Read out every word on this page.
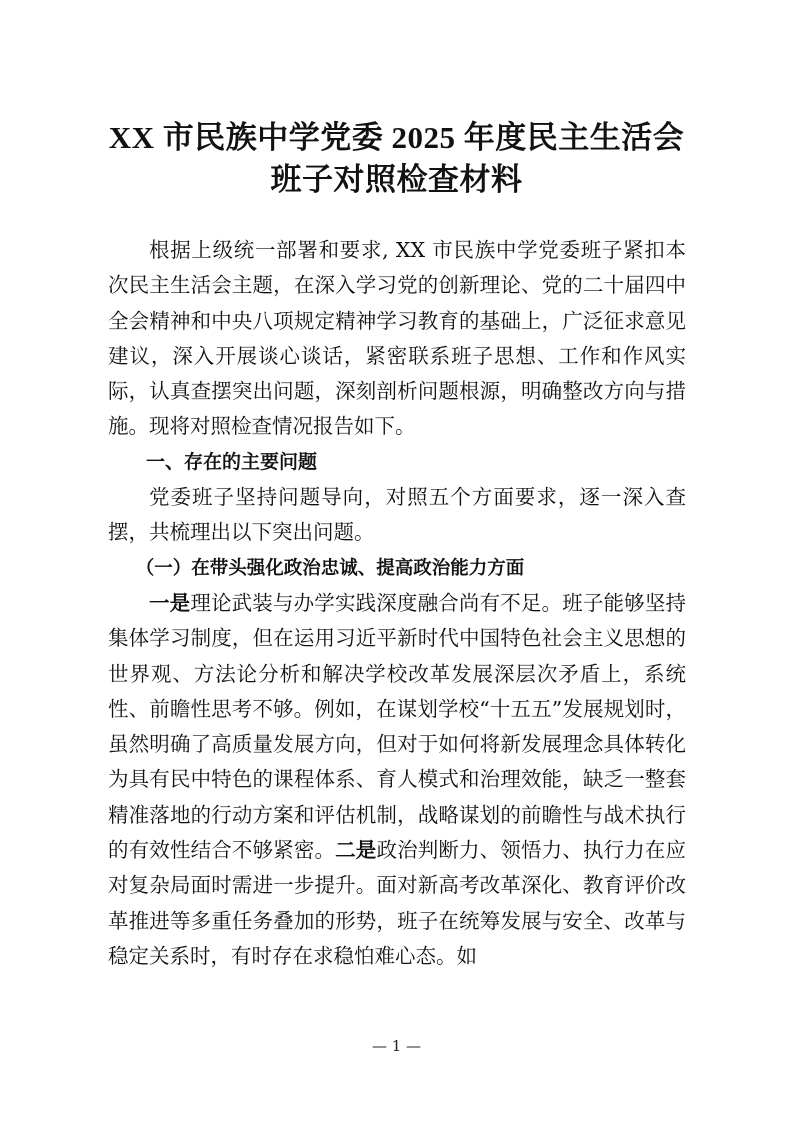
XX 市民族中学党委 2025 年度民主生活会
班子对照检查材料

根据上级统一部署和要求, XX 市民族中学党委班子紧扣本次民主生活会主题，在深入学习党的创新理论、党的二十届四中全会精神和中央八项规定精神学习教育的基础上，广泛征求意见建议，深入开展谈心谈话，紧密联系班子思想、工作和作风实际，认真查摆突出问题，深刻剖析问题根源，明确整改方向与措施。现将对照检查情况报告如下。

一、存在的主要问题

党委班子坚持问题导向，对照五个方面要求，逐一深入查摆，共梳理出以下突出问题。

（一）在带头强化政治忠诚、提高政治能力方面

一是理论武装与办学实践深度融合尚有不足。班子能够坚持集体学习制度，但在运用习近平新时代中国特色社会主义思想的世界观、方法论分析和解决学校改革发展深层次矛盾上，系统性、前瞻性思考不够。例如，在谋划学校“十五五”发展规划时，虽然明确了高质量发展方向，但对于如何将新发展理念具体转化为具有民中特色的课程体系、育人模式和治理效能，缺乏一整套精准落地的行动方案和评估机制，战略谋划的前瞻性与战术执行的有效性结合不够紧密。二是政治判断力、领悟力、执行力在应对复杂局面时需进一步提升。面对新高考改革深化、教育评价改革推进等多重任务叠加的形势，班子在统筹发展与安全、改革与稳定关系时，有时存在求稳怕难心态。如

— 1 —
